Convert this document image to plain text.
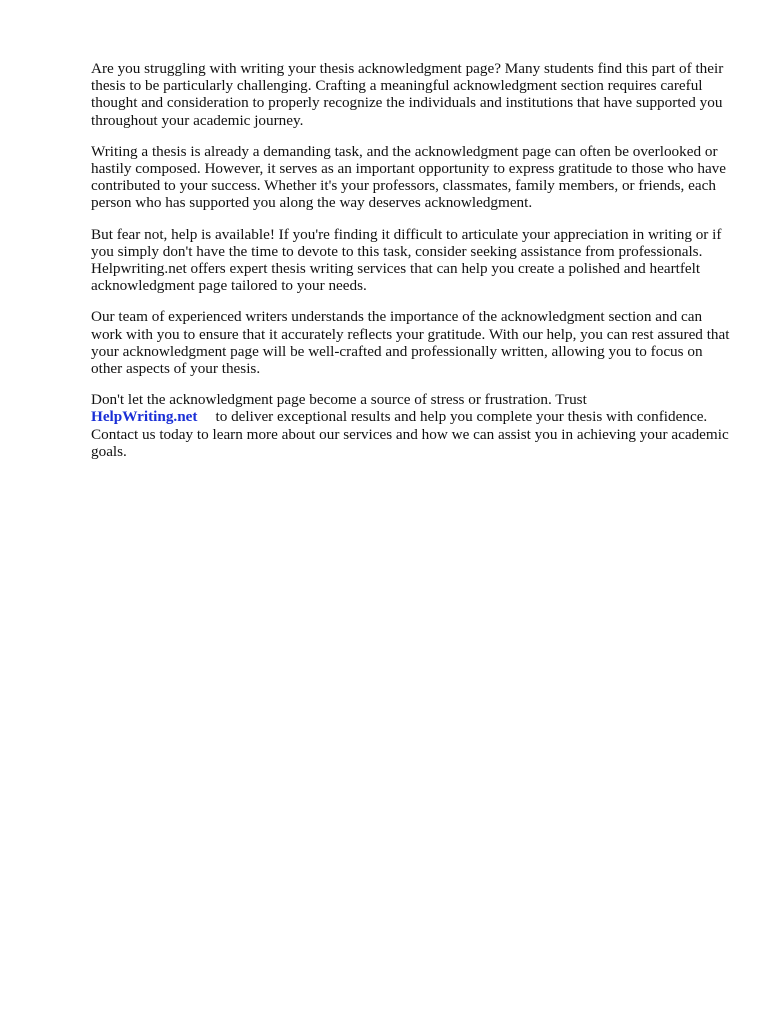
Are you struggling with writing your thesis acknowledgment page? Many students find this part of their thesis to be particularly challenging. Crafting a meaningful acknowledgment section requires careful thought and consideration to properly recognize the individuals and institutions that have supported you throughout your academic journey.

Writing a thesis is already a demanding task, and the acknowledgment page can often be overlooked or hastily composed. However, it serves as an important opportunity to express gratitude to those who have contributed to your success. Whether it's your professors, classmates, family members, or friends, each person who has supported you along the way deserves acknowledgment.

But fear not, help is available! If you're finding it difficult to articulate your appreciation in writing or if you simply don't have the time to devote to this task, consider seeking assistance from professionals. Helpwriting.net offers expert thesis writing services that can help you create a polished and heartfelt acknowledgment page tailored to your needs.

Our team of experienced writers understands the importance of the acknowledgment section and can work with you to ensure that it accurately reflects your gratitude. With our help, you can rest assured that your acknowledgment page will be well-crafted and professionally written, allowing you to focus on other aspects of your thesis.

Don't let the acknowledgment page become a source of stress or frustration. Trust
HelpWriting.net to deliver exceptional results and help you complete your thesis with confidence. Contact us today to learn more about our services and how we can assist you in achieving your academic goals.
